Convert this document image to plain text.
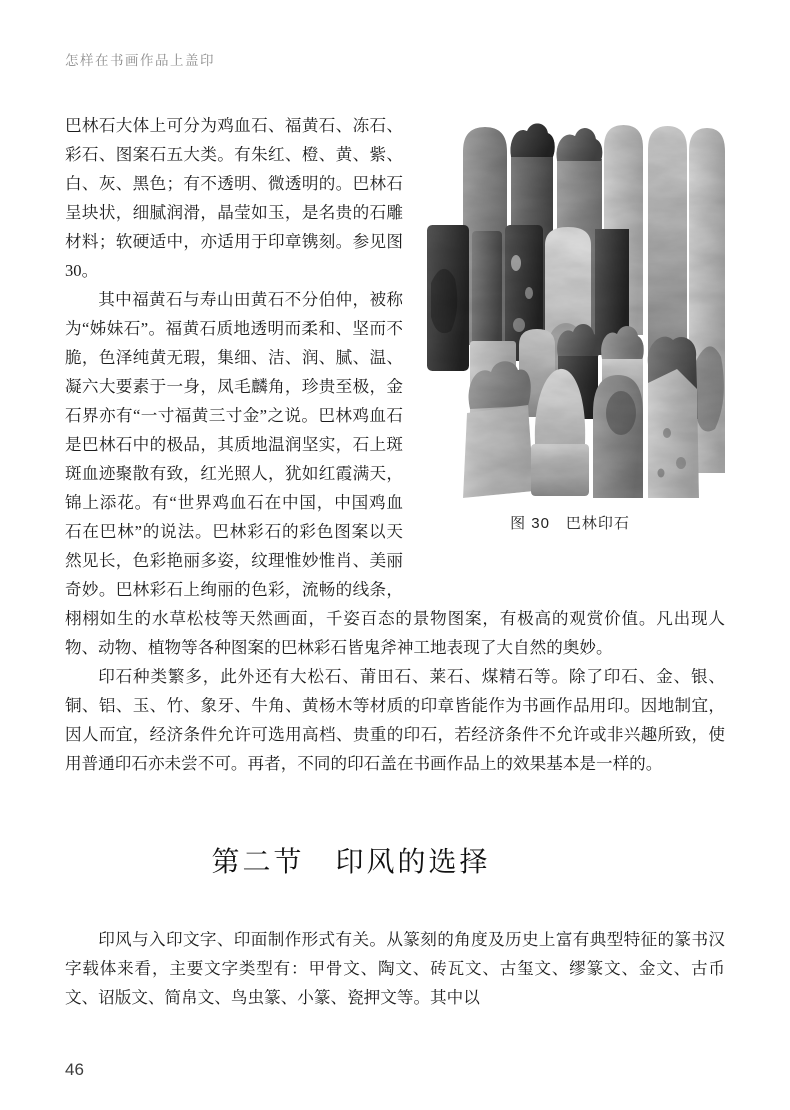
怎样在书画作品上盖印
图 30　巴林印石

巴林石大体上可分为鸡血石、福黄石、冻石、彩石、图案石五大类。有朱红、橙、黄、紫、白、灰、黑色；有不透明、微透明的。巴林石呈块状，细腻润滑，晶莹如玉，是名贵的石雕材料；软硬适中，亦适用于印章镌刻。参见图 30。

其中福黄石与寿山田黄石不分伯仲，被称为“姊妹石”。福黄石质地透明而柔和、坚而不脆，色泽纯黄无瑕，集细、洁、润、腻、温、凝六大要素于一身，凤毛麟角，珍贵至极，金石界亦有“一寸福黄三寸金”之说。巴林鸡血石是巴林石中的极品，其质地温润坚实，石上斑斑血迹聚散有致，红光照人，犹如红霞满天，锦上添花。有“世界鸡血石在中国，中国鸡血石在巴林”的说法。巴林彩石的彩色图案以天然见长，色彩艳丽多姿，纹理惟妙惟肖、美丽奇妙。巴林彩石上绚丽的色彩，流畅的线条，栩栩如生的水草松枝等天然画面，千姿百态的景物图案，有极高的观赏价值。凡出现人物、动物、植物等各种图案的巴林彩石皆鬼斧神工地表现了大自然的奥妙。

印石种类繁多，此外还有大松石、莆田石、莱石、煤精石等。除了印石、金、银、铜、铝、玉、竹、象牙、牛角、黄杨木等材质的印章皆能作为书画作品用印。因地制宜，因人而宜，经济条件允许可选用高档、贵重的印石，若经济条件不允许或非兴趣所致，使用普通印石亦未尝不可。再者，不同的印石盖在书画作品上的效果基本是一样的。

第二节　印风的选择

印风与入印文字、印面制作形式有关。从篆刻的角度及历史上富有典型特征的篆书汉字载体来看，主要文字类型有：甲骨文、陶文、砖瓦文、古玺文、缪篆文、金文、古币文、诏版文、简帛文、鸟虫篆、小篆、瓷押文等。其中以

46
